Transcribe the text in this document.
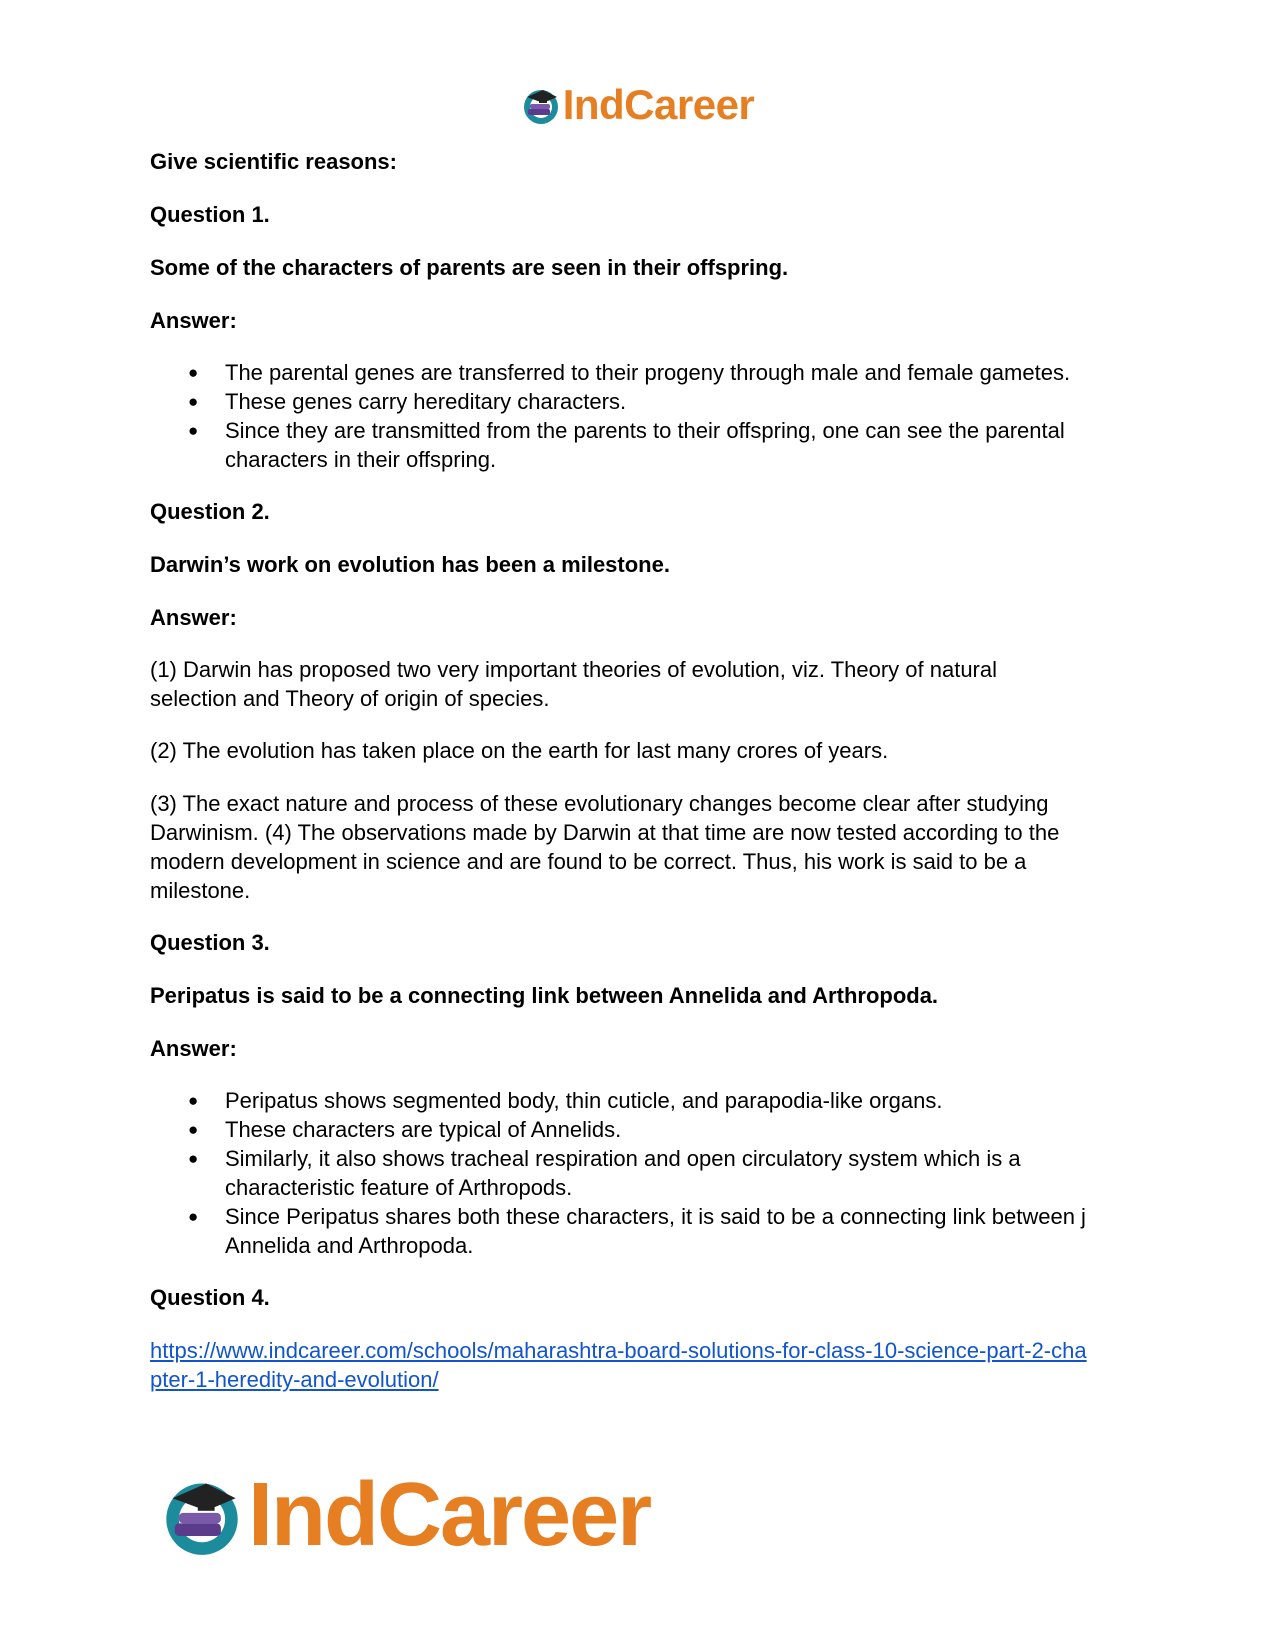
IndCareer
Give scientific reasons:
Question 1.
Some of the characters of parents are seen in their offspring.
Answer:
● The parental genes are transferred to their progeny through male and female gametes.
● These genes carry hereditary characters.
● Since they are transmitted from the parents to their offspring, one can see the parental
characters in their offspring.
Question 2.
Darwin’s work on evolution has been a milestone.
Answer:
(1) Darwin has proposed two very important theories of evolution, viz. Theory of natural
selection and Theory of origin of species.
(2) The evolution has taken place on the earth for last many crores of years.
(3) The exact nature and process of these evolutionary changes become clear after studying
Darwinism. (4) The observations made by Darwin at that time are now tested according to the
modern development in science and are found to be correct. Thus, his work is said to be a
milestone.
Question 3.
Peripatus is said to be a connecting link between Annelida and Arthropoda.
Answer:
● Peripatus shows segmented body, thin cuticle, and parapodia-like organs.
● These characters are typical of Annelids.
● Similarly, it also shows tracheal respiration and open circulatory system which is a
characteristic feature of Arthropods.
● Since Peripatus shares both these characters, it is said to be a connecting link between j
Annelida and Arthropoda.
Question 4.
https://www.indcareer.com/schools/maharashtra-board-solutions-for-class-10-science-part-2-cha
pter-1-heredity-and-evolution/
IndCareer
